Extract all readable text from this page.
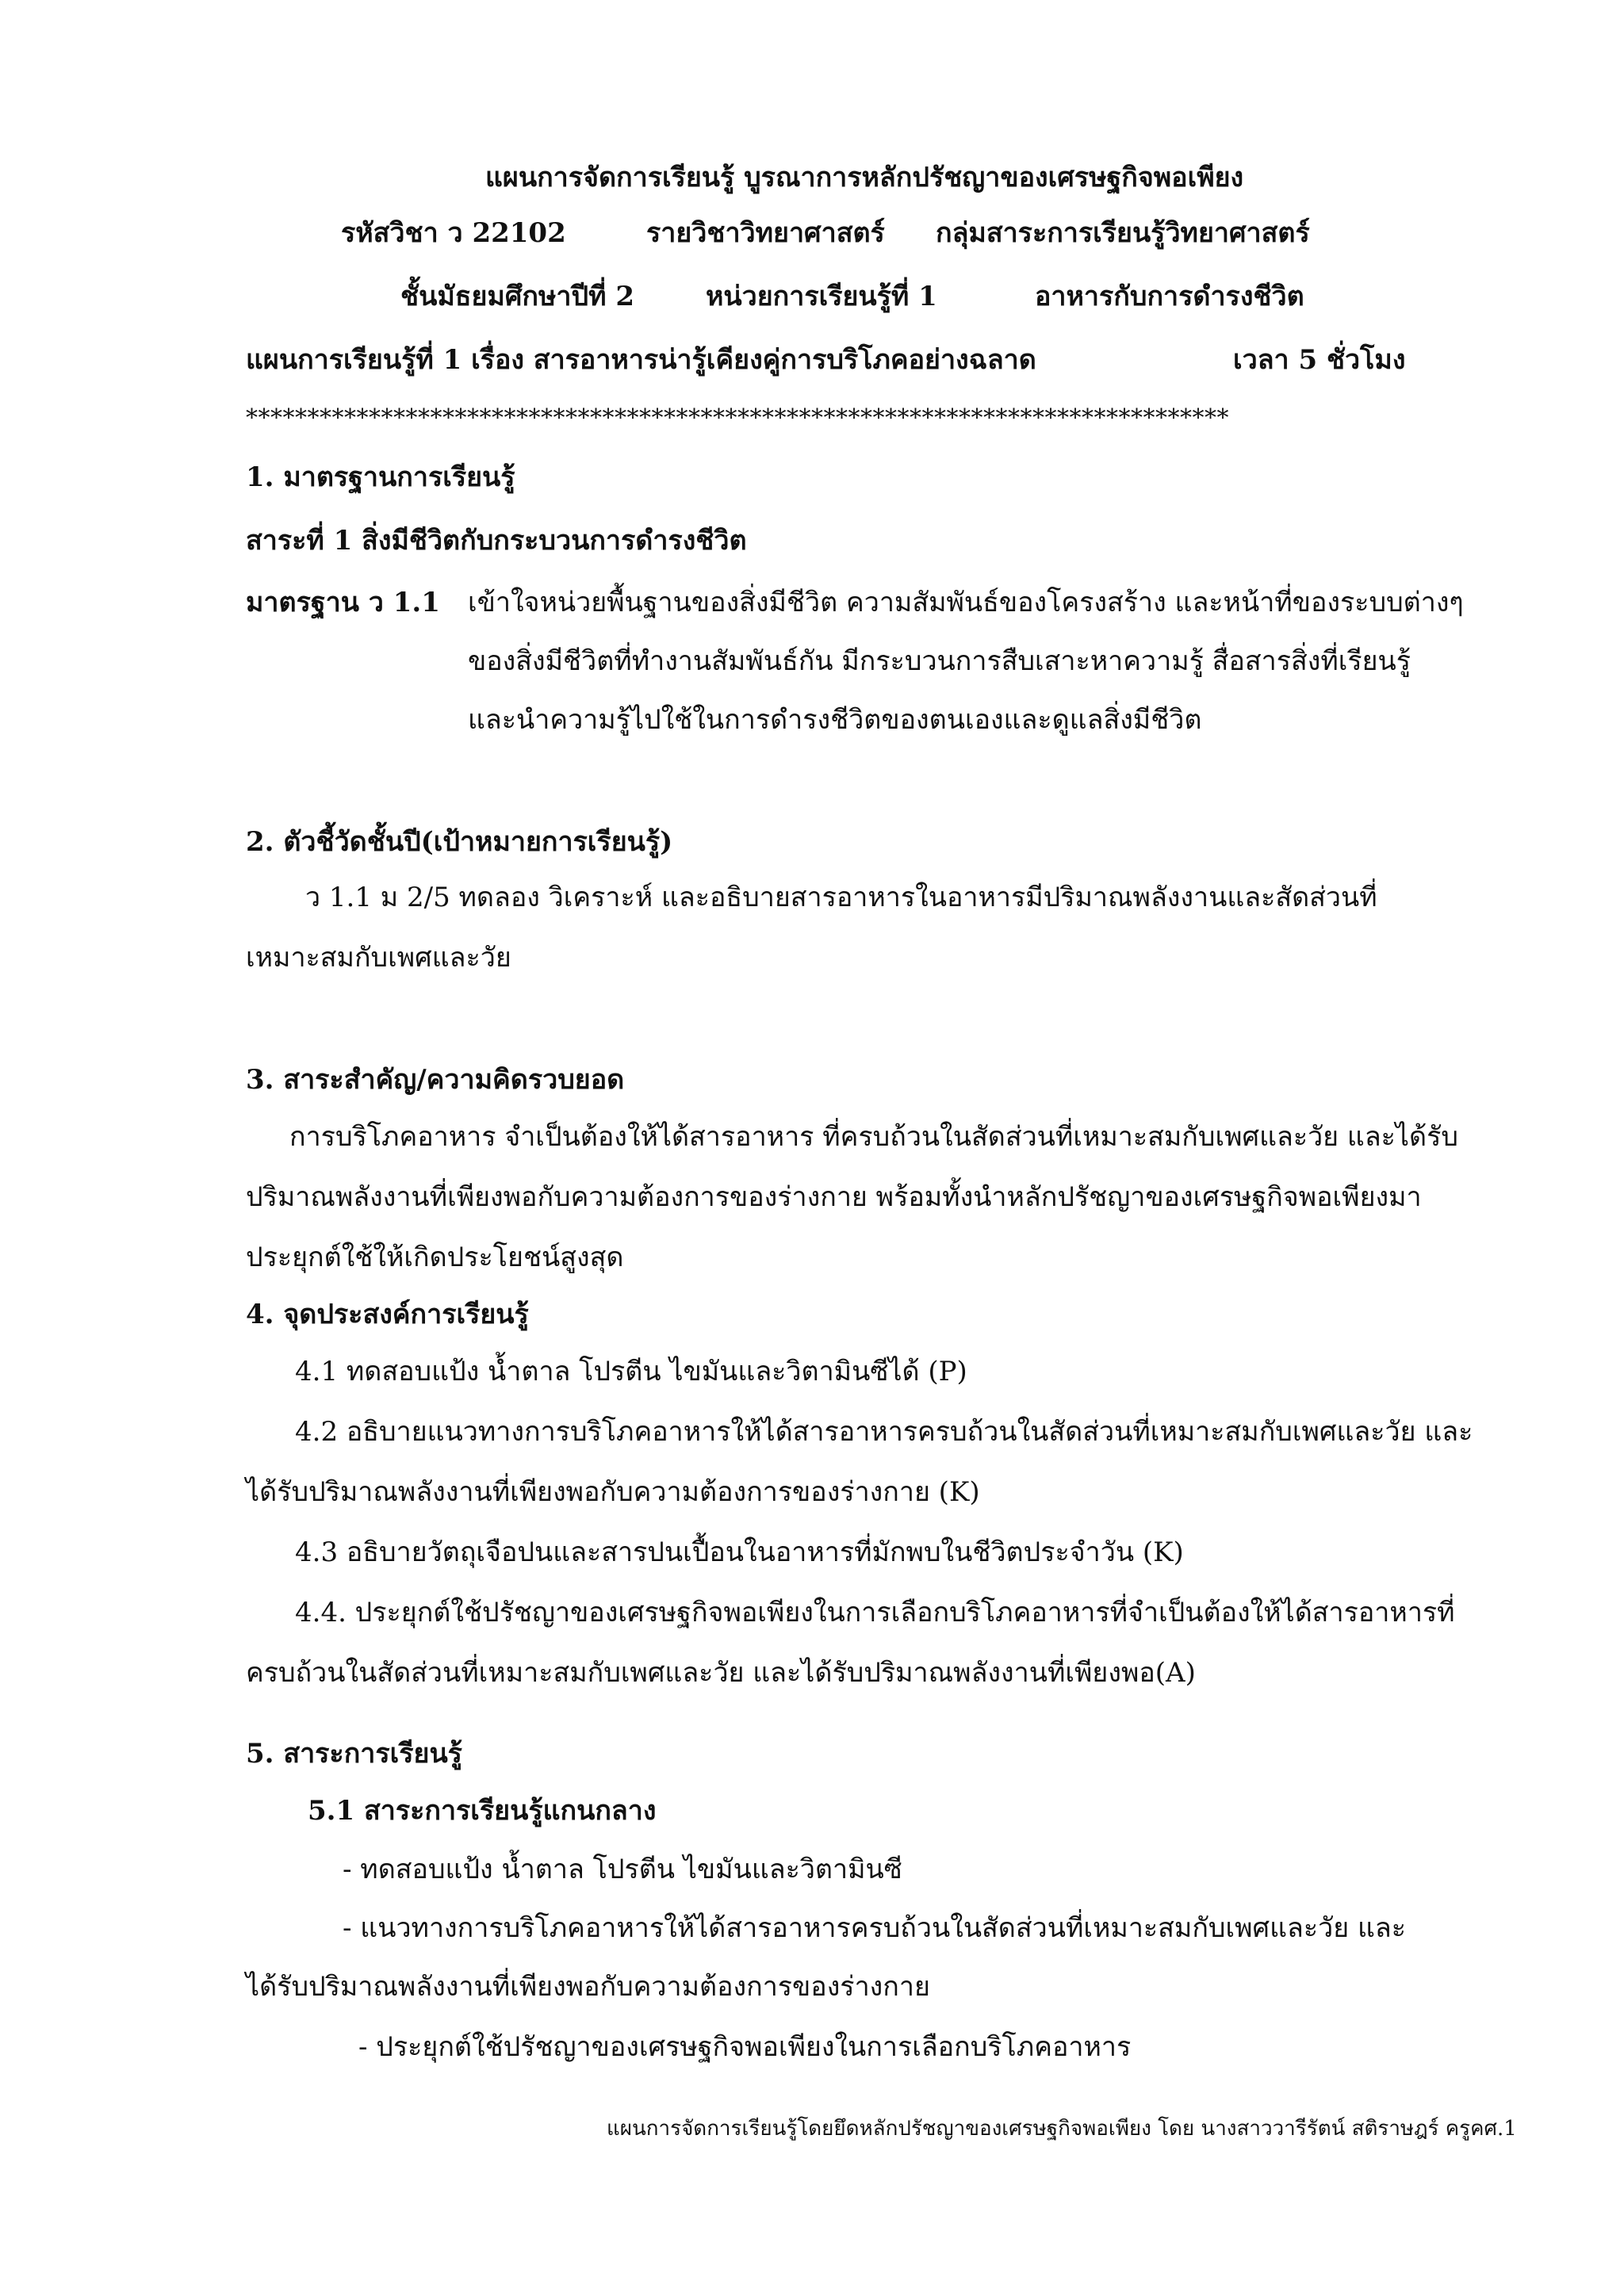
แผนการจัดการเรียนรู้ บูรณาการหลักปรัชญาของเศรษฐกิจพอเพียง
รหัสวิชา ว 22102	รายวิชาวิทยาศาสตร์ กลุ่มสาระการเรียนรู้วิทยาศาสตร์
ชั้นมัธยมศึกษาปีที่ 2	หน่วยการเรียนรู้ที่ 1	อาหารกับการดำรงชีวิต
แผนการเรียนรู้ที่ 1 เรื่อง สารอาหารน่ารู้เคียงคู่การบริโภคอย่างฉลาด	เวลา 5 ชั่วโมง
********************************************************************************
1. มาตรฐานการเรียนรู้
สาระที่ 1 สิ่งมีชีวิตกับกระบวนการดำรงชีวิต
มาตรฐาน ว 1.1 เข้าใจหน่วยพื้นฐานของสิ่งมีชีวิต ความสัมพันธ์ของโครงสร้าง และหน้าที่ของระบบต่างๆ
ของสิ่งมีชีวิตที่ทำงานสัมพันธ์กัน มีกระบวนการสืบเสาะหาความรู้ สื่อสารสิ่งที่เรียนรู้
และนำความรู้ไปใช้ในการดำรงชีวิตของตนเองและดูแลสิ่งมีชีวิต
2. ตัวชี้วัดชั้นปี(เป้าหมายการเรียนรู้)
ว 1.1 ม 2/5 ทดลอง วิเคราะห์ และอธิบายสารอาหารในอาหารมีปริมาณพลังงานและสัดส่วนที่
เหมาะสมกับเพศและวัย
3. สาระสำคัญ/ความคิดรวบยอด
การบริโภคอาหาร จำเป็นต้องให้ได้สารอาหาร ที่ครบถ้วนในสัดส่วนที่เหมาะสมกับเพศและวัย และได้รับ
ปริมาณพลังงานที่เพียงพอกับความต้องการของร่างกาย พร้อมทั้งนำหลักปรัชญาของเศรษฐกิจพอเพียงมา
ประยุกต์ใช้ให้เกิดประโยชน์สูงสุด
4. จุดประสงค์การเรียนรู้
4.1 ทดสอบแป้ง น้ำตาล โปรตีน ไขมันและวิตามินซีได้ (P)
4.2 อธิบายแนวทางการบริโภคอาหารให้ได้สารอาหารครบถ้วนในสัดส่วนที่เหมาะสมกับเพศและวัย และ
ได้รับปริมาณพลังงานที่เพียงพอกับความต้องการของร่างกาย (K)
4.3 อธิบายวัตถุเจือปนและสารปนเปื้อนในอาหารที่มักพบในชีวิตประจำวัน (K)
4.4. ประยุกต์ใช้ปรัชญาของเศรษฐกิจพอเพียงในการเลือกบริโภคอาหารที่จำเป็นต้องให้ได้สารอาหารที่
ครบถ้วนในสัดส่วนที่เหมาะสมกับเพศและวัย และได้รับปริมาณพลังงานที่เพียงพอ(A)
5. สาระการเรียนรู้
5.1 สาระการเรียนรู้แกนกลาง
- ทดสอบแป้ง น้ำตาล โปรตีน ไขมันและวิตามินซี
- แนวทางการบริโภคอาหารให้ได้สารอาหารครบถ้วนในสัดส่วนที่เหมาะสมกับเพศและวัย และ
ได้รับปริมาณพลังงานที่เพียงพอกับความต้องการของร่างกาย
- ประยุกต์ใช้ปรัชญาของเศรษฐกิจพอเพียงในการเลือกบริโภคอาหาร
แผนการจัดการเรียนรู้โดยยึดหลักปรัชญาของเศรษฐกิจพอเพียง โดย นางสาววารีรัตน์ สติราษฎร์ ครูคศ.1
